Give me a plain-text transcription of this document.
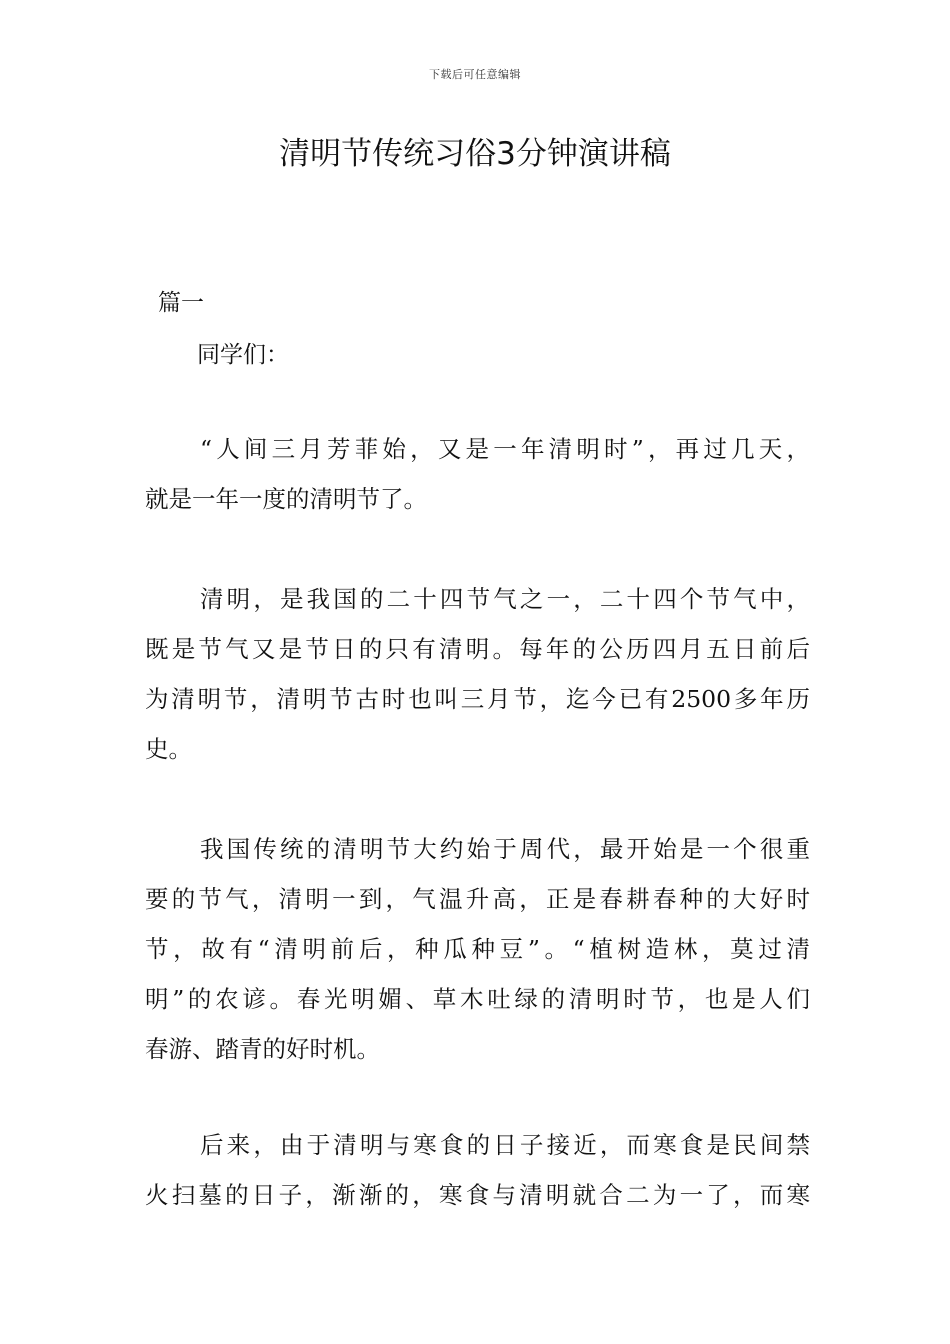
下载后可任意编辑
清明节传统习俗3分钟演讲稿
篇一
同学们：
“人间三月芳菲始，又是一年清明时”，再过几天，
就是一年一度的清明节了。
清明，是我国的二十四节气之一，二十四个节气中，
既是节气又是节日的只有清明。每年的公历四月五日前后
为清明节，清明节古时也叫三月节，迄今已有2500多年历
史。
我国传统的清明节大约始于周代，最开始是一个很重
要的节气，清明一到，气温升高，正是春耕春种的大好时
节，故有“清明前后，种瓜种豆”。“植树造林，莫过清
明”的农谚。春光明媚、草木吐绿的清明时节，也是人们
春游、踏青的好时机。
后来，由于清明与寒食的日子接近，而寒食是民间禁
火扫墓的日子，渐渐的，寒食与清明就合二为一了，而寒
